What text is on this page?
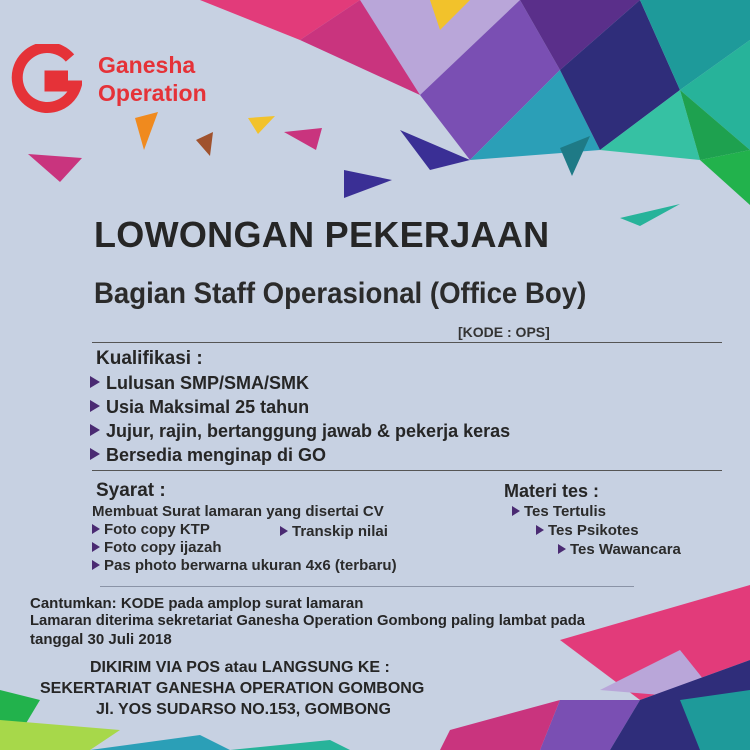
Ganesha
Operation
LOWONGAN PEKERJAAN
Bagian Staff Operasional (Office Boy)
[KODE : OPS]
Kualifikasi :
Lulusan SMP/SMA/SMK
Usia Maksimal 25 tahun
Jujur, rajin, bertanggung jawab & pekerja keras
Bersedia menginap di GO
Syarat :
Membuat Surat lamaran yang disertai CV
Foto copy KTP	Transkip nilai
Foto copy ijazah
Pas photo berwarna ukuran 4x6 (terbaru)
Materi tes :
Tes Tertulis
Tes Psikotes
Tes Wawancara
Cantumkan: KODE pada amplop surat lamaran
Lamaran diterima sekretariat Ganesha Operation Gombong paling lambat pada
tanggal 30 Juli 2018
DIKIRIM VIA POS atau LANGSUNG KE :
SEKERTARIAT GANESHA OPERATION GOMBONG
Jl. YOS SUDARSO NO.153, GOMBONG
